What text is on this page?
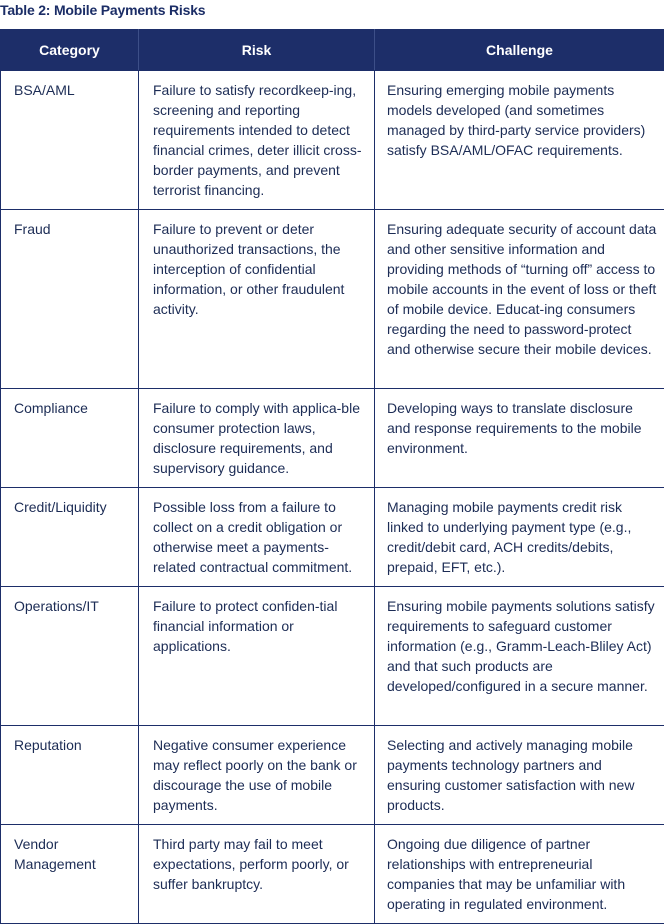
Table 2: Mobile Payments Risks
Category	Risk	Challenge
BSA/AML	Failure to satisfy recordkeep-ing, screening and reporting requirements intended to detect financial crimes, deter illicit cross-border payments, and prevent terrorist financing.	Ensuring emerging mobile payments models developed (and sometimes managed by third-party service providers) satisfy BSA/AML/OFAC requirements.
Fraud	Failure to prevent or deter unauthorized transactions, the interception of confidential information, or other fraudulent activity.	Ensuring adequate security of account data and other sensitive information and providing methods of “turning off” access to mobile accounts in the event of loss or theft of mobile device. Educat-ing consumers regarding the need to password-protect and otherwise secure their mobile devices.
Compliance	Failure to comply with applica-ble consumer protection laws, disclosure requirements, and supervisory guidance.	Developing ways to translate disclosure and response requirements to the mobile environment.
Credit/Liquidity	Possible loss from a failure to collect on a credit obligation or otherwise meet a payments-related contractual commitment.	Managing mobile payments credit risk linked to underlying payment type (e.g., credit/debit card, ACH credits/debits, prepaid, EFT, etc.).
Operations/IT	Failure to protect confiden-tial financial information or applications.	Ensuring mobile payments solutions satisfy requirements to safeguard customer information (e.g., Gramm-Leach-Bliley Act) and that such products are developed/configured in a secure manner.
Reputation	Negative consumer experience may reflect poorly on the bank or discourage the use of mobile payments.	Selecting and actively managing mobile payments technology partners and ensuring customer satisfaction with new products.
Vendor Management	Third party may fail to meet expectations, perform poorly, or suffer bankruptcy.	Ongoing due diligence of partner relationships with entrepreneurial companies that may be unfamiliar with operating in regulated environment.
